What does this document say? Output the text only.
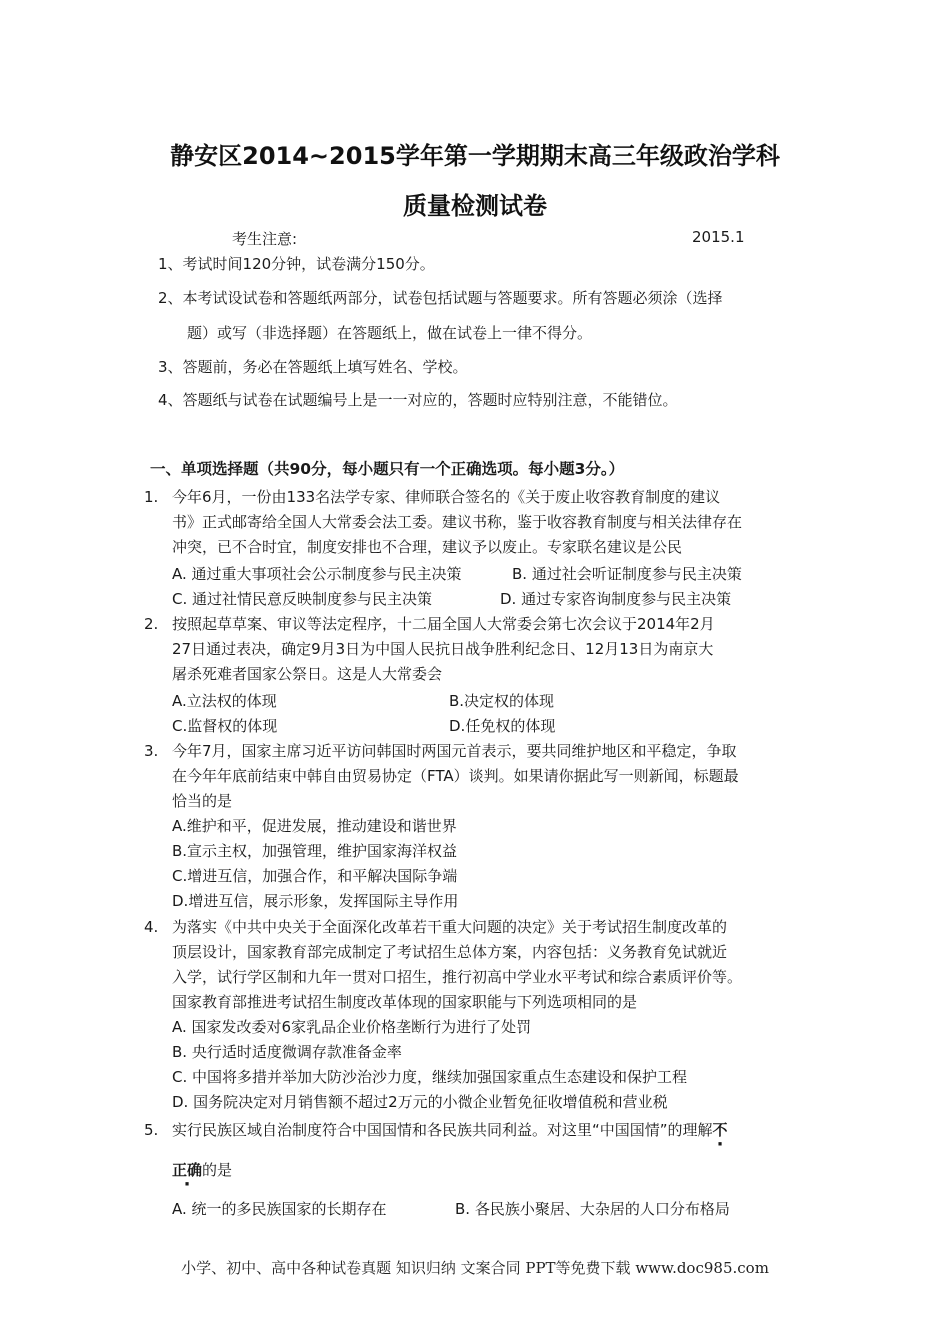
静安区2014~2015学年第一学期期末高三年级政治学科
质量检测试卷
考生注意:	2015.1
1、考试时间120分钟，试卷满分150分。
2、本考试设试卷和答题纸两部分，试卷包括试题与答题要求。所有答题必须涂（选择
题）或写（非选择题）在答题纸上，做在试卷上一律不得分。
3、答题前，务必在答题纸上填写姓名、学校。
4、答题纸与试卷在试题编号上是一一对应的，答题时应特别注意，不能错位。
一、单项选择题（共90分，每小题只有一个正确选项。每小题3分。）
1. 今年6月，一份由133名法学专家、律师联合签名的《关于废止收容教育制度的建议
书》正式邮寄给全国人大常委会法工委。建议书称，鉴于收容教育制度与相关法律存在
冲突，已不合时宜，制度安排也不合理，建议予以废止。专家联名建议是公民
A. 通过重大事项社会公示制度参与民主决策	B. 通过社会听证制度参与民主决策
C. 通过社情民意反映制度参与民主决策	D. 通过专家咨询制度参与民主决策
2. 按照起草草案、审议等法定程序，十二届全国人大常委会第七次会议于2014年2月
27日通过表决，确定9月3日为中国人民抗日战争胜利纪念日、12月13日为南京大
屠杀死难者国家公祭日。这是人大常委会
A.立法权的体现	B.决定权的体现
C.监督权的体现	D.任免权的体现
3. 今年7月，国家主席习近平访问韩国时两国元首表示，要共同维护地区和平稳定，争取
在今年年底前结束中韩自由贸易协定（FTA）谈判。如果请你据此写一则新闻，标题最
恰当的是
A.维护和平，促进发展，推动建设和谐世界
B.宣示主权，加强管理，维护国家海洋权益
C.增进互信，加强合作，和平解决国际争端
D.增进互信，展示形象，发挥国际主导作用
4. 为落实《中共中央关于全面深化改革若干重大问题的决定》关于考试招生制度改革的
顶层设计，国家教育部完成制定了考试招生总体方案，内容包括：义务教育免试就近
入学，试行学区制和九年一贯对口招生，推行初高中学业水平考试和综合素质评价等。
国家教育部推进考试招生制度改革体现的国家职能与下列选项相同的是
A. 国家发改委对6家乳品企业价格垄断行为进行了处罚
B. 央行适时适度微调存款准备金率
C. 中国将多措并举加大防沙治沙力度，继续加强国家重点生态建设和保护工程
D. 国务院决定对月销售额不超过2万元的小微企业暂免征收增值税和营业税
5. 实行民族区域自治制度符合中国国情和各民族共同利益。对这里“中国国情”的理解不
正确的是
A. 统一的多民族国家的长期存在	B. 各民族小聚居、大杂居的人口分布格局
小学、初中、高中各种试卷真题 知识归纳 文案合同 PPT等免费下载 www.doc985.com
